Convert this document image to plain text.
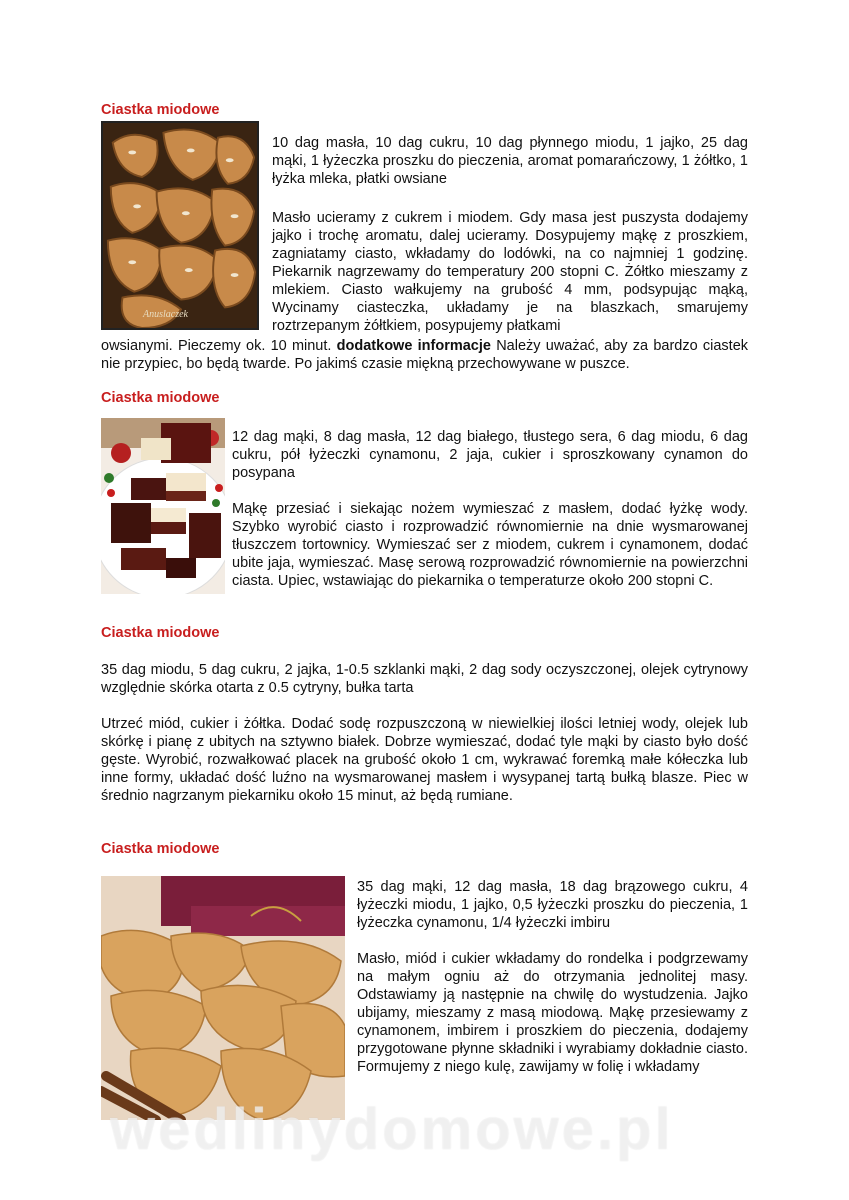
Ciastka miodowe
Anuslaczek

10 dag masła, 10 dag cukru, 10 dag płynnego miodu, 1 jajko, 25 dag mąki, 1 łyżeczka proszku do pieczenia, aromat pomarańczowy, 1 żółtko, 1 łyżka mleka, płatki owsiane

Masło ucieramy z cukrem i miodem. Gdy masa jest puszysta dodajemy jajko i trochę aromatu, dalej ucieramy. Dosypujemy mąkę z proszkiem, zagniatamy ciasto, wkładamy do lodówki, na co najmniej 1 godzinę. Piekarnik nagrzewamy do temperatury 200 stopni C. Żółtko mieszamy z mlekiem. Ciasto wałkujemy na grubość 4 mm, podsypując mąką, Wycinamy ciasteczka, układamy je na blaszkach, smarujemy roztrzepanym żółtkiem, posypujemy płatkami

owsianymi. Pieczemy ok. 10 minut. dodatkowe informacje Należy uważać, aby za bardzo ciastek nie przypiec, bo będą twarde. Po jakimś czasie miękną przechowywane w puszce.

Ciastka miodowe

12 dag mąki, 8 dag masła, 12 dag białego, tłustego sera, 6 dag miodu, 6 dag cukru, pół łyżeczki cynamonu, 2 jaja, cukier i sproszkowany cynamon do posypana

Mąkę przesiać i siekając nożem wymieszać z masłem, dodać łyżkę wody. Szybko wyrobić ciasto i rozprowadzić równomiernie na dnie wysmarowanej tłuszczem tortownicy. Wymieszać ser z miodem, cukrem i cynamonem, dodać ubite jaja, wymieszać. Masę serową rozprowadzić równomiernie na powierzchni ciasta. Upiec, wstawiając do piekarnika o temperaturze około 200 stopni C.

Ciastka miodowe

35 dag miodu, 5 dag cukru, 2 jajka, 1-0.5 szklanki mąki, 2 dag sody oczyszczonej, olejek cytrynowy względnie skórka otarta z 0.5 cytryny, bułka tarta

Utrzeć miód, cukier i żółtka. Dodać sodę rozpuszczoną w niewielkiej ilości letniej wody, olejek lub skórkę i pianę z ubitych na sztywno białek. Dobrze wymieszać, dodać tyle mąki by ciasto było dość gęste. Wyrobić, rozwałkować placek na grubość około 1 cm, wykrawać foremką małe kółeczka lub inne formy, układać dość luźno na wysmarowanej masłem i wysypanej tartą bułką blasze. Piec w średnio nagrzanym piekarniku około 15 minut, aż będą rumiane.

Ciastka miodowe

35 dag mąki, 12 dag masła, 18 dag brązowego cukru, 4 łyżeczki miodu, 1 jajko, 0,5 łyżeczki proszku do pieczenia, 1 łyżeczka cynamonu, 1/4 łyżeczki imbiru

Masło, miód i cukier wkładamy do rondelka i podgrzewamy na małym ogniu aż do otrzymania jednolitej masy. Odstawiamy ją następnie na chwilę do wystudzenia. Jajko ubijamy, mieszamy z masą miodową. Mąkę przesiewamy z cynamonem, imbirem i proszkiem do pieczenia, dodajemy przygotowane płynne składniki i wyrabiamy dokładnie ciasto. Formujemy z niego kulę, zawijamy w folię i wkładamy

wedlinydomowe.pl
